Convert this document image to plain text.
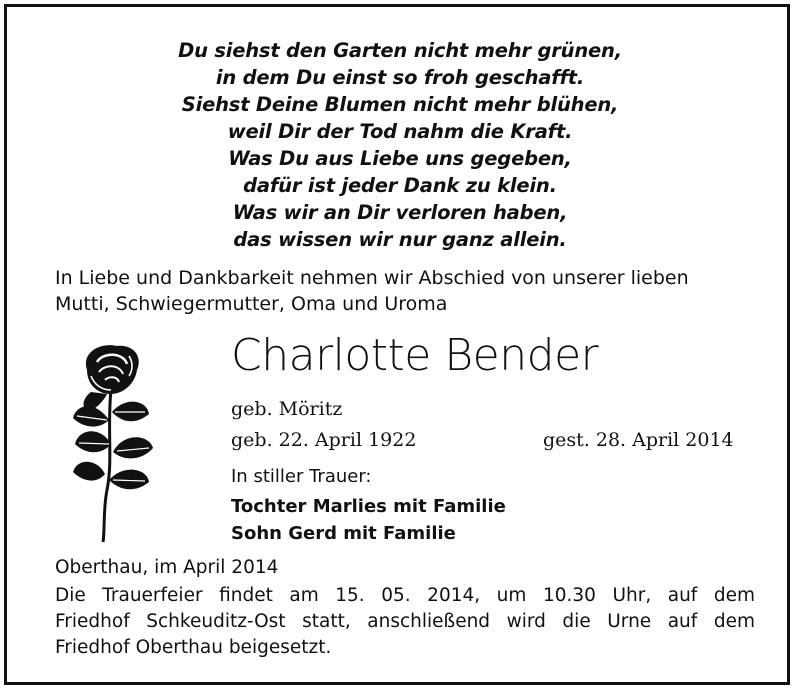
Du siehst den Garten nicht mehr grünen,
in dem Du einst so froh geschafft.
Siehst Deine Blumen nicht mehr blühen,
weil Dir der Tod nahm die Kraft.
Was Du aus Liebe uns gegeben,
dafür ist jeder Dank zu klein.
Was wir an Dir verloren haben,
das wissen wir nur ganz allein.
In Liebe und Dankbarkeit nehmen wir Abschied von unserer lieben
Mutti, Schwiegermutter, Oma und Uroma
Charlotte Bender
geb. Möritz
geb. 22. April 1922	gest. 28. April 2014
In stiller Trauer:
Tochter Marlies mit Familie
Sohn Gerd mit Familie
Oberthau, im April 2014
Die Trauerfeier findet am 15. 05. 2014, um 10.30 Uhr, auf dem
Friedhof Schkeuditz-Ost statt, anschließend wird die Urne auf dem
Friedhof Oberthau beigesetzt.
